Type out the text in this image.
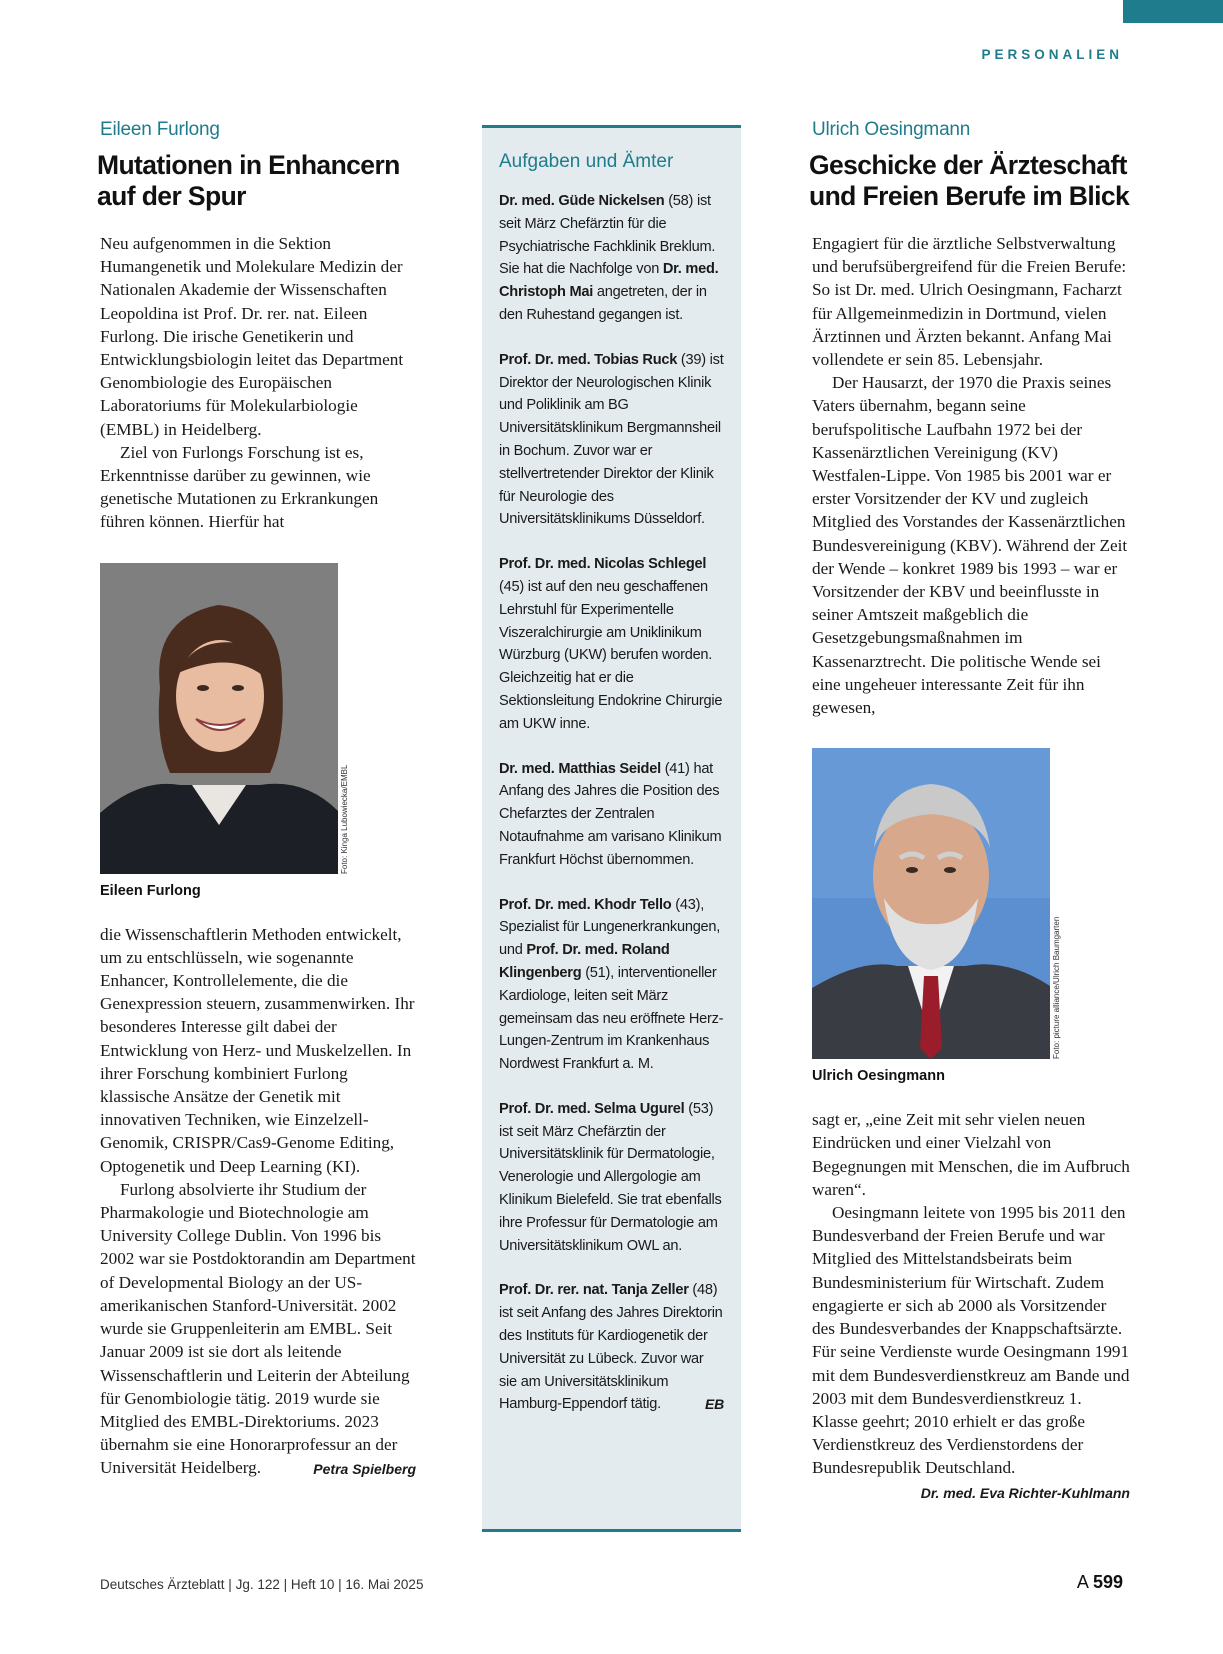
PERSONALIEN
Eileen Furlong
Mutationen in Enhancern
auf der Spur

Neu aufgenommen in die Sektion Humangenetik und Molekulare Medizin der Nationalen Akademie der Wissenschaften Leopoldina ist Prof. Dr. rer. nat. Eileen Furlong. Die irische Genetikerin und Entwicklungsbiologin leitet das Department Genombiologie des Europäischen Laboratoriums für Molekularbiologie (EMBL) in Heidelberg.

Ziel von Furlongs Forschung ist es, Erkenntnisse darüber zu gewinnen, wie genetische Mutationen zu Erkrankungen führen können. Hierfür hat

Foto: Kinga Lubowiecka/EMBL
Eileen Furlong

die Wissenschaftlerin Methoden entwickelt, um zu entschlüsseln, wie sogenannte Enhancer, Kontrollelemente, die die Genexpression steuern, zusammenwirken. Ihr besonderes Interesse gilt dabei der Entwicklung von Herz- und Muskelzellen. In ihrer Forschung kombiniert Furlong klassische Ansätze der Genetik mit innovativen Techniken, wie Einzelzell-Genomik, CRISPR/Cas9-Genome Editing, Optogenetik und Deep Learning (KI).

Furlong absolvierte ihr Studium der Pharmakologie und Biotechnologie am University College Dublin. Von 1996 bis 2002 war sie Postdoktorandin am Department of Developmental Biology an der US-amerikanischen Stanford-Universität. 2002 wurde sie Gruppenleiterin am EMBL. Seit Januar 2009 ist sie dort als leitende Wissenschaftlerin und Leiterin der Abteilung für Genombiologie tätig. 2019 wurde sie Mitglied des EMBL-Direktoriums. 2023 übernahm sie eine Honorarprofessur an der Universität Heidelberg.	Petra Spielberg

Aufgaben und Ämter
Dr. med. Güde Nickelsen (58) ist seit März Chefärztin für die Psychiatrische Fachklinik Breklum. Sie hat die Nachfolge von Dr. med. Christoph Mai angetreten, der in den Ruhestand gegangen ist.
Prof. Dr. med. Tobias Ruck (39) ist Direktor der Neurologischen Klinik und Poliklinik am BG Universitätsklinikum Bergmannsheil in Bochum. Zuvor war er stellvertretender Direktor der Klinik für Neurologie des Universitätsklinikums Düsseldorf.
Prof. Dr. med. Nicolas Schlegel (45) ist auf den neu geschaffenen Lehrstuhl für Experimentelle Viszeralchirurgie am Uniklinikum Würzburg (UKW) berufen worden. Gleichzeitig hat er die Sektionsleitung Endokrine Chirurgie am UKW inne.
Dr. med. Matthias Seidel (41) hat Anfang des Jahres die Position des Chefarztes der Zentralen Notaufnahme am varisano Klinikum Frankfurt Höchst übernommen.
Prof. Dr. med. Khodr Tello (43), Spezialist für Lungenerkrankungen, und Prof. Dr. med. Roland Klingenberg (51), interventioneller Kardiologe, leiten seit März gemeinsam das neu eröffnete Herz-Lungen-Zentrum im Krankenhaus Nordwest Frankfurt a. M.
Prof. Dr. med. Selma Ugurel (53) ist seit März Chefärztin der Universitätsklinik für Dermatologie, Venerologie und Allergologie am Klinikum Bielefeld. Sie trat ebenfalls ihre Professur für Dermatologie am Universitätsklinikum OWL an.
Prof. Dr. rer. nat. Tanja Zeller (48) ist seit Anfang des Jahres Direktorin des Instituts für Kardiogenetik der Universität zu Lübeck. Zuvor war sie am Universitätsklinikum Hamburg-Eppendorf tätig.	EB
Ulrich Oesingmann
Geschicke der Ärzteschaft
und Freien Berufe im Blick

Engagiert für die ärztliche Selbstverwaltung und berufsübergreifend für die Freien Berufe: So ist Dr. med. Ulrich Oesingmann, Facharzt für Allgemeinmedizin in Dortmund, vielen Ärztinnen und Ärzten bekannt. Anfang Mai vollendete er sein 85. Lebensjahr.

Der Hausarzt, der 1970 die Praxis seines Vaters übernahm, begann seine berufspolitische Laufbahn 1972 bei der Kassenärztlichen Vereinigung (KV) Westfalen-Lippe. Von 1985 bis 2001 war er erster Vorsitzender der KV und zugleich Mitglied des Vorstandes der Kassenärztlichen Bundesvereinigung (KBV). Während der Zeit der Wende – konkret 1989 bis 1993 – war er Vorsitzender der KBV und beeinflusste in seiner Amtszeit maßgeblich die Gesetzgebungsmaßnahmen im Kassenarztrecht. Die politische Wende sei eine ungeheuer interessante Zeit für ihn gewesen,

Foto: picture alliance/Ulrich Baumgarten
Ulrich Oesingmann

sagt er, „eine Zeit mit sehr vielen neuen Eindrücken und einer Vielzahl von Begegnungen mit Menschen, die im Aufbruch waren“.

Oesingmann leitete von 1995 bis 2011 den Bundesverband der Freien Berufe und war Mitglied des Mittelstandsbeirats beim Bundesministerium für Wirtschaft. Zudem engagierte er sich ab 2000 als Vorsitzender des Bundesverbandes der Knappschaftsärzte. Für seine Verdienste wurde Oesingmann 1991 mit dem Bundesverdienstkreuz am Bande und 2003 mit dem Bundesverdienstkreuz 1. Klasse geehrt; 2010 erhielt er das große Verdienstkreuz des Verdienstordens der Bundesrepublik Deutschland.
Dr. med. Eva Richter-Kuhlmann

Deutsches Ärzteblatt | Jg. 122 | Heft 10 | 16. Mai 2025	A 599
